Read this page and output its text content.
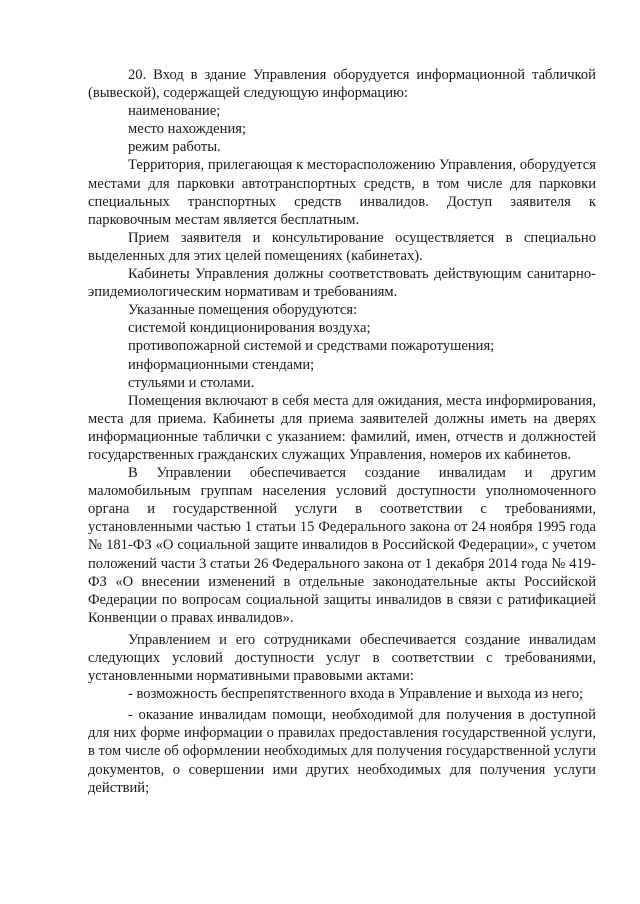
20. Вход в здание Управления оборудуется информационной табличкой (вывеской), содержащей следующую информацию:

наименование;

место нахождения;

режим работы.

Территория, прилегающая к месторасположению Управления, оборудуется местами для парковки автотранспортных средств, в том числе для парковки специальных транспортных средств инвалидов. Доступ заявителя к парковочным местам является бесплатным.

Прием заявителя и консультирование осуществляется в специально выделенных для этих целей помещениях (кабинетах).

Кабинеты Управления должны соответствовать действующим санитарно-эпидемиологическим нормативам и требованиям.

Указанные помещения оборудуются:

системой кондиционирования воздуха;

противопожарной системой и средствами пожаротушения;

информационными стендами;

стульями и столами.

Помещения включают в себя места для ожидания, места информирования, места для приема. Кабинеты для приема заявителей должны иметь на дверях информационные таблички с указанием: фамилий, имен, отчеств и должностей государственных гражданских служащих Управления, номеров их кабинетов.

В Управлении обеспечивается создание инвалидам и другим маломобильным группам населения условий доступности уполномоченного органа и государственной услуги в соответствии с требованиями, установленными частью 1 статьи 15 Федерального закона от 24 ноября 1995 года № 181-ФЗ «О социальной защите инвалидов в Российской Федерации», с учетом положений части 3 статьи 26 Федерального закона от 1 декабря 2014 года № 419-ФЗ «О внесении изменений в отдельные законодательные акты Российской Федерации по вопросам социальной защиты инвалидов в связи с ратификацией Конвенции о правах инвалидов».

Управлением и его сотрудниками обеспечивается создание инвалидам следующих условий доступности услуг в соответствии с требованиями, установленными нормативными правовыми актами:

- возможность беспрепятственного входа в Управление и выхода из него;

- оказание инвалидам помощи, необходимой для получения в доступной для них форме информации о правилах предоставления государственной услуги, в том числе об оформлении необходимых для получения государственной услуги документов, о совершении ими других необходимых для получения услуги действий;
